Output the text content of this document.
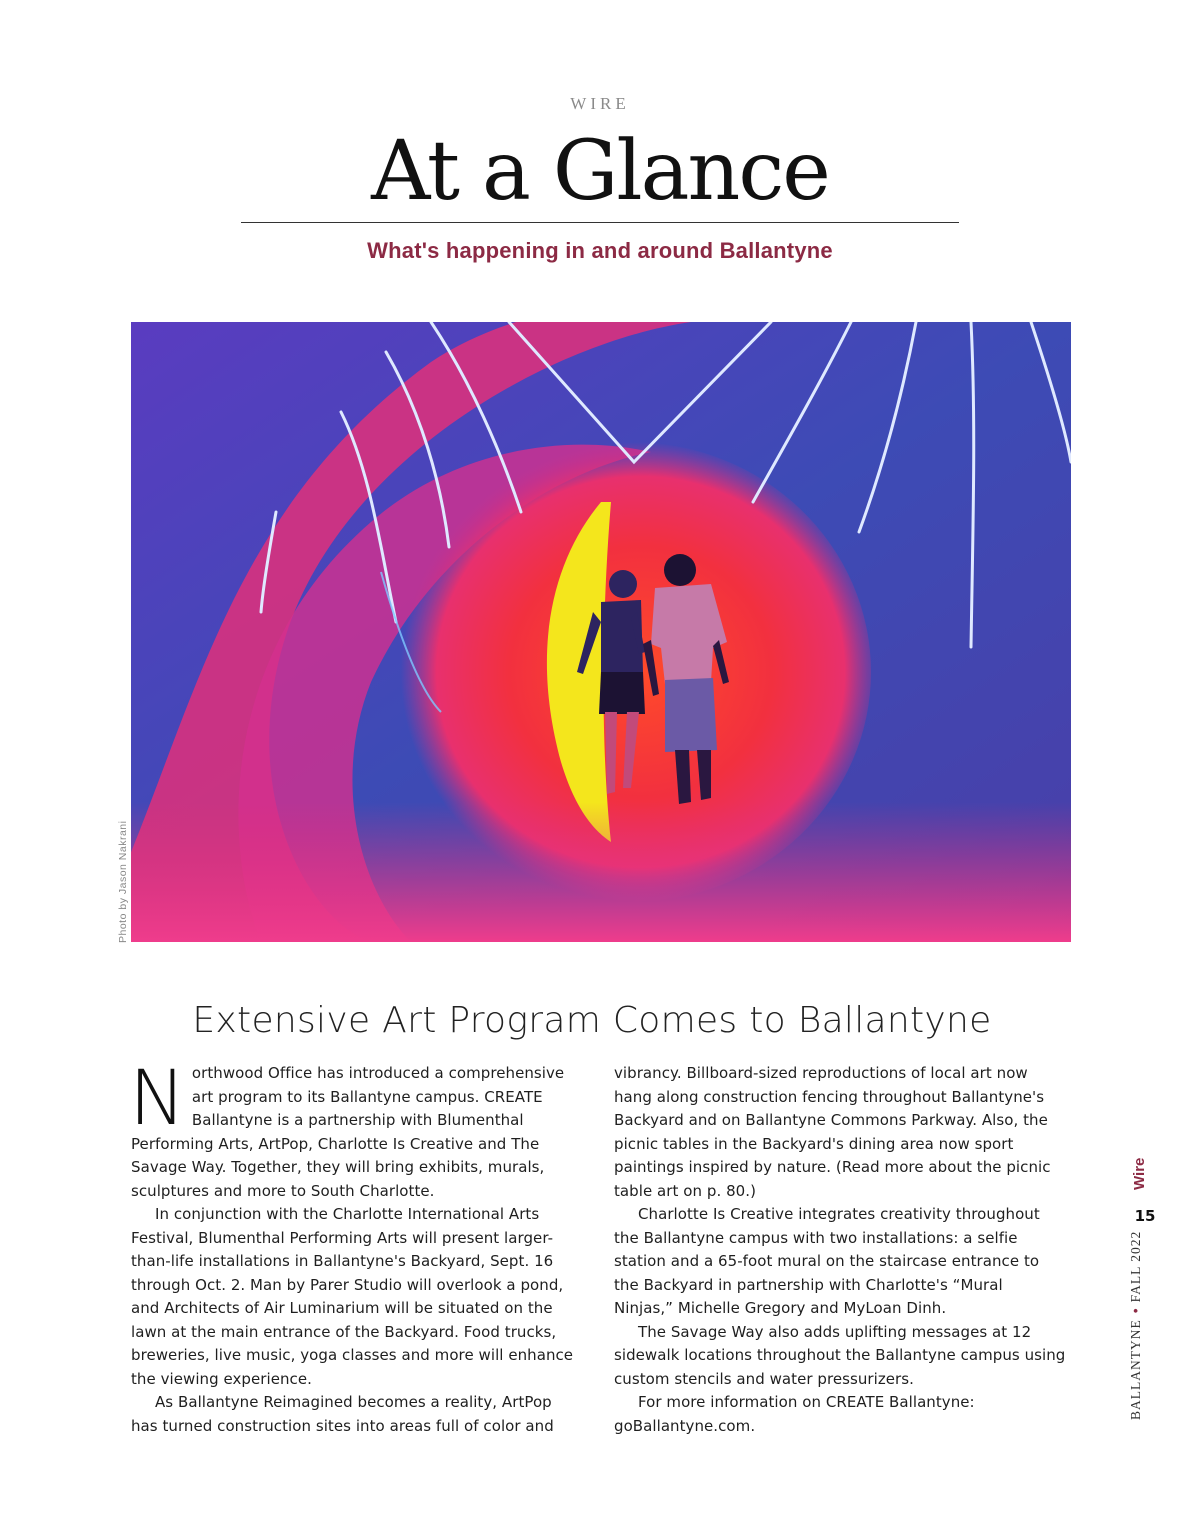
WIRE
At a Glance
What's happening in and around Ballantyne
Photo by Jason Nakrani
Extensive Art Program Comes to Ballantyne

Northwood Office has introduced a comprehensive art program to its Ballantyne campus. CREATE Ballantyne is a partnership with Blumenthal Performing Arts, ArtPop, Charlotte Is Creative and The Savage Way. Together, they will bring exhibits, murals, sculptures and more to South Charlotte.

In conjunction with the Charlotte International Arts Festival, Blumenthal Performing Arts will present larger-than-life installations in Ballantyne's Backyard, Sept. 16 through Oct. 2. Man by Parer Studio will overlook a pond, and Architects of Air Luminarium will be situated on the lawn at the main entrance of the Backyard. Food trucks, breweries, live music, yoga classes and more will enhance the viewing experience.

As Ballantyne Reimagined becomes a reality, ArtPop has turned construction sites into areas full of color and

vibrancy. Billboard-sized reproductions of local art now hang along construction fencing throughout Ballantyne's Backyard and on Ballantyne Commons Parkway. Also, the picnic tables in the Backyard's dining area now sport paintings inspired by nature. (Read more about the picnic table art on p. 80.)

Charlotte Is Creative integrates creativity throughout the Ballantyne campus with two installations: a selfie station and a 65-foot mural on the staircase entrance to the Backyard in partnership with Charlotte's “Mural Ninjas,” Michelle Gregory and MyLoan Dinh.

The Savage Way also adds uplifting messages at 12 sidewalk locations throughout the Ballantyne campus using custom stencils and water pressurizers.

For more information on CREATE Ballantyne: goBallantyne.com.

Wire
15
BALLANTYNE•FALL 2022
